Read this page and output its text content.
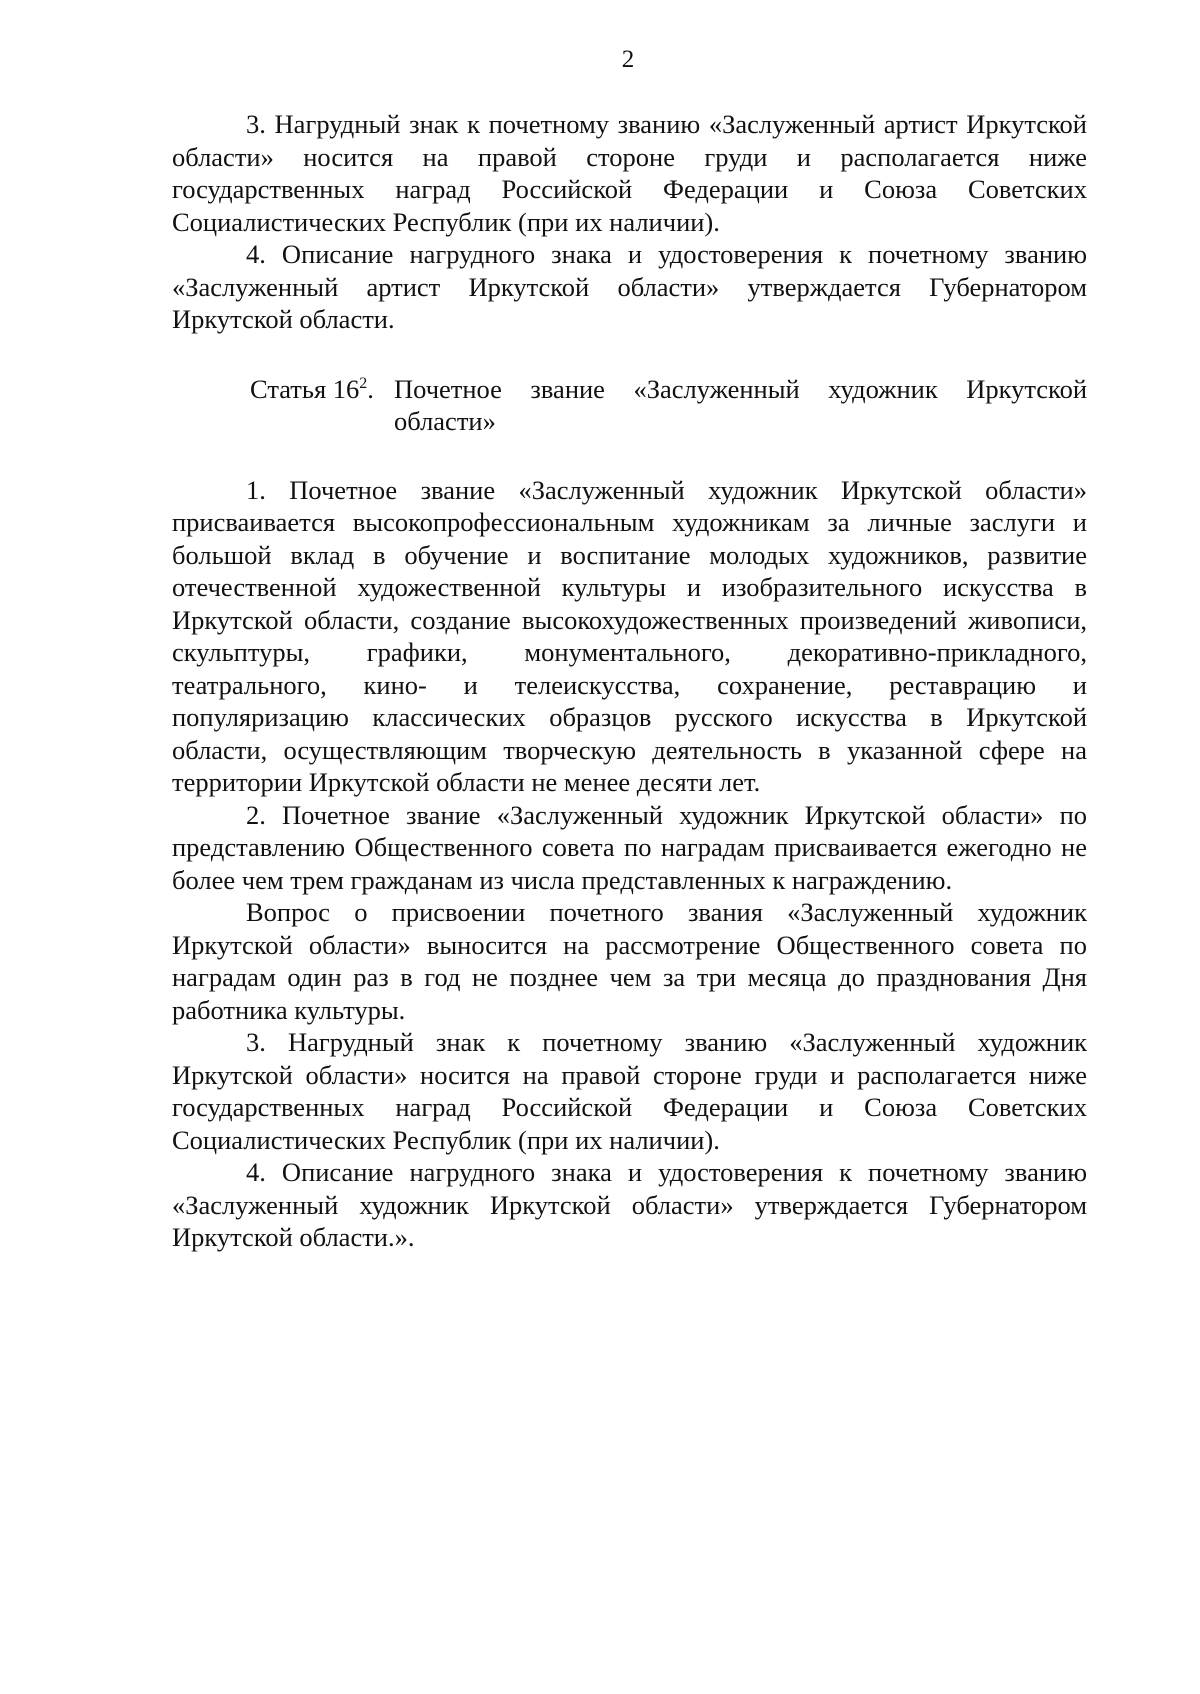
2

3. Нагрудный знак к почетному званию «Заслуженный артист Иркутской области» носится на правой стороне груди и располагается ниже государственных наград Российской Федерации и Союза Советских Социалистических Республик (при их наличии).

4. Описание нагрудного знака и удостоверения к почетному званию «Заслуженный артист Иркутской области» утверждается Губернатором Иркутской области.

Статья $16^2$. Почетное звание «Заслуженный художник Иркутской области»

1. Почетное звание «Заслуженный художник Иркутской области» присваивается высокопрофессиональным художникам за личные заслуги и большой вклад в обучение и воспитание молодых художников, развитие отечественной художественной культуры и изобразительного искусства в Иркутской области, создание высокохудожественных произведений живописи, скульптуры, графики, монументального, декоративно-прикладного, театрального, кино- и телеискусства, сохранение, реставрацию и популяризацию классических образцов русского искусства в Иркутской области, осуществляющим творческую деятельность в указанной сфере на территории Иркутской области не менее десяти лет.

2. Почетное звание «Заслуженный художник Иркутской области» по представлению Общественного совета по наградам присваивается ежегодно не более чем трем гражданам из числа представленных к награждению.

Вопрос о присвоении почетного звания «Заслуженный художник Иркутской области» выносится на рассмотрение Общественного совета по наградам один раз в год не позднее чем за три месяца до празднования Дня работника культуры.

3. Нагрудный знак к почетному званию «Заслуженный художник Иркутской области» носится на правой стороне груди и располагается ниже государственных наград Российской Федерации и Союза Советских Социалистических Республик (при их наличии).

4. Описание нагрудного знака и удостоверения к почетному званию «Заслуженный художник Иркутской области» утверждается Губернатором Иркутской области.».
